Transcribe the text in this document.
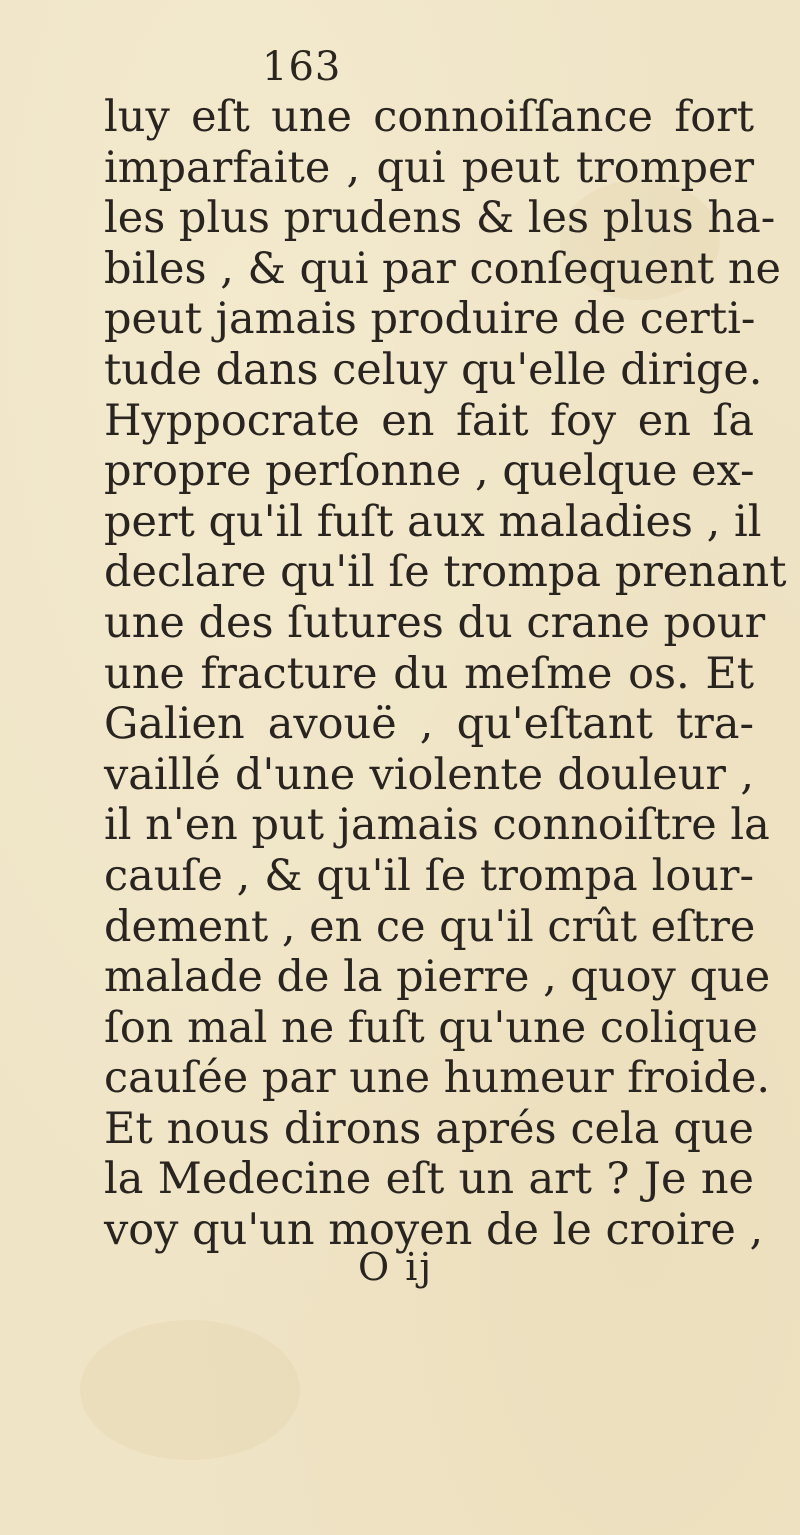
163
luy eſt une connoiſſance fort
imparfaite , qui peut tromper
les plus prudens & les plus ha-
biles , & qui par conſequent ne
peut jamais produire de certi-
tude dans celuy qu'elle dirige.
Hyppocrate en fait foy en ſa
propre perſonne , quelque ex-
pert qu'il fuſt aux maladies , il
declare qu'il ſe trompa prenant
une des ſutures du crane pour
une fracture du meſme os. Et
Galien avouë , qu'eſtant tra-
vaillé d'une violente douleur ,
il n'en put jamais connoiſtre la
cauſe , & qu'il ſe trompa lour-
dement , en ce qu'il crût eſtre
malade de la pierre , quoy que
ſon mal ne fuſt qu'une colique
cauſée par une humeur froide.
Et nous dirons aprés cela que
la Medecine eſt un art ? Je ne
voy qu'un moyen de le croire ,
O ij
